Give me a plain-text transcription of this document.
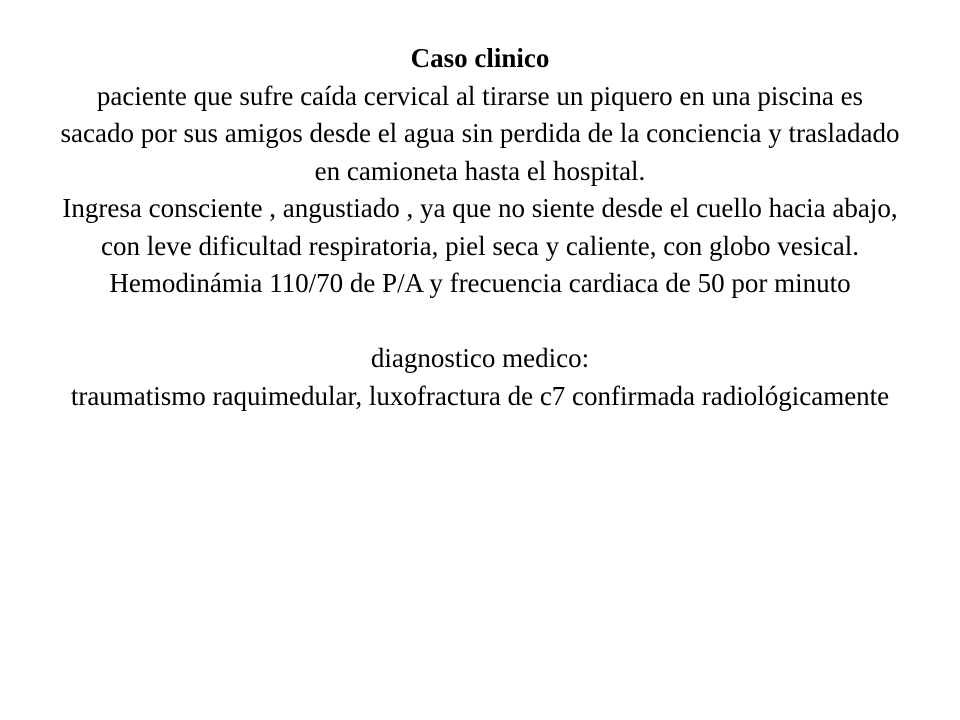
Caso clinico
paciente que sufre caída cervical al tirarse un piquero en una piscina es sacado por sus amigos desde el agua sin perdida de la conciencia y trasladado en camioneta hasta el hospital.
Ingresa consciente , angustiado , ya que no siente desde el cuello hacia abajo, con leve dificultad respiratoria, piel seca y caliente, con globo vesical.
Hemodinámia 110/70 de P/A y frecuencia cardiaca de 50 por minuto
diagnostico medico:
traumatismo raquimedular, luxofractura de c7 confirmada radiológicamente
